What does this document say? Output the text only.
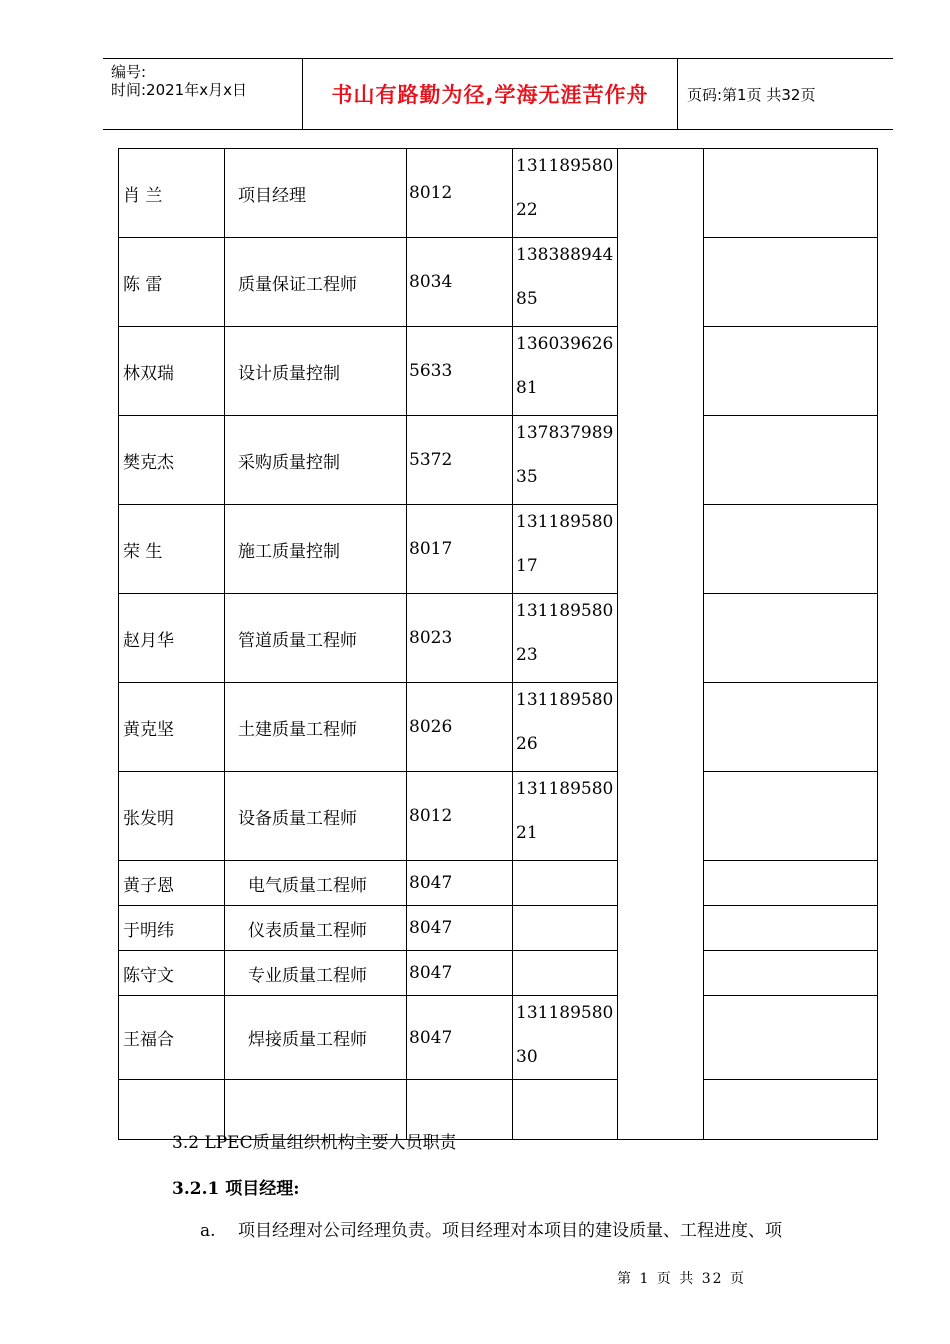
编号:
时间:2021年x月x日	书山有路勤为径,学海无涯苦作舟	页码:第1页 共32页
肖 兰	项目经理	8012	13118958022		

陈 雷	质量保证工程师	8034	13838894485		

林双瑞	设计质量控制	5633	13603962681		

樊克杰	采购质量控制	5372	13783798935		

荣 生	施工质量控制	8017	13118958017		

赵月华	管道质量工程师	8023	13118958023		

黄克坚	土建质量工程师	8026	13118958026		

张发明	设备质量工程师	8012	13118958021		

黄子恩	电气质量工程师	8047		

于明纬	仪表质量工程师	8047		

陈守文	专业质量工程师	8047		

王福合	焊接质量工程师	8047	13118958030		

3.2 LPEC质量组织机构主要人员职责
3.2.1 项目经理:
a. 项目经理对公司经理负责。项目经理对本项目的建设质量、工程进度、项
第 1 页 共 32 页
